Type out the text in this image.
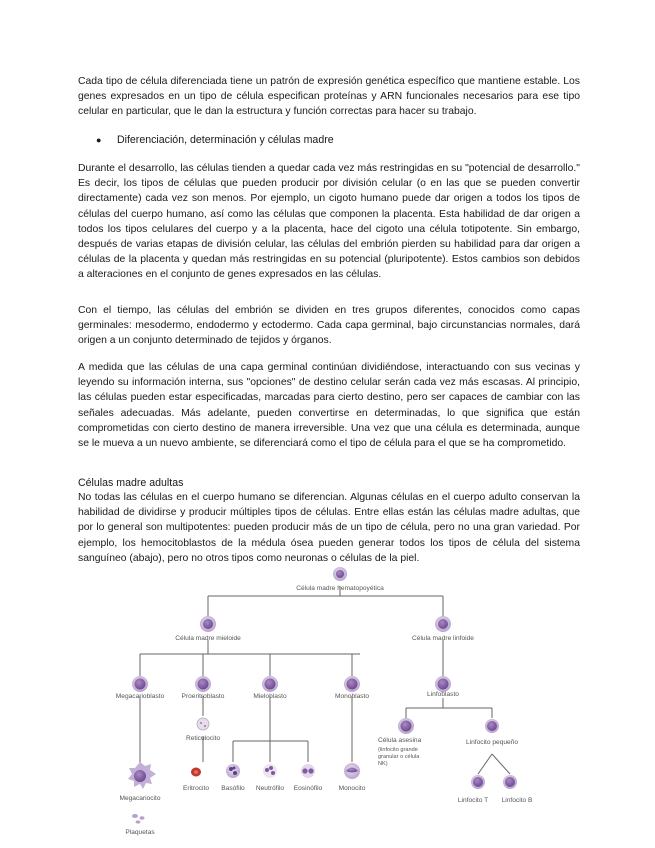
Cada tipo de célula diferenciada tiene un patrón de expresión genética específico que mantiene estable. Los genes expresados en un tipo de célula especifican proteínas y ARN funcionales necesarios para ese tipo celular en particular, que le dan la estructura y función correctas para hacer su trabajo.

● Diferenciación, determinación y células madre

Durante el desarrollo, las células tienden a quedar cada vez más restringidas en su "potencial de desarrollo." Es decir, los tipos de células que pueden producir por división celular (o en las que se pueden convertir directamente) cada vez son menos. Por ejemplo, un cigoto humano puede dar origen a todos los tipos de células del cuerpo humano, así como las células que componen la placenta. Esta habilidad de dar origen a todos los tipos celulares del cuerpo y a la placenta, hace del cigoto una célula totipotente. Sin embargo, después de varias etapas de división celular, las células del embrión pierden su habilidad para dar origen a células de la placenta y quedan más restringidas en su potencial (pluripotente). Estos cambios son debidos a alteraciones en el conjunto de genes expresados en las células.

Con el tiempo, las células del embrión se dividen en tres grupos diferentes, conocidos como capas germinales: mesodermo, endodermo y ectodermo. Cada capa germinal, bajo circunstancias normales, dará origen a un conjunto determinado de tejidos y órganos.

A medida que las células de una capa germinal continúan dividiéndose, interactuando con sus vecinas y leyendo su información interna, sus "opciones" de destino celular serán cada vez más escasas. Al principio, las células pueden estar especificadas, marcadas para cierto destino, pero ser capaces de cambiar con las señales adecuadas. Más adelante, pueden convertirse en determinadas, lo que significa que están comprometidas con cierto destino de manera irreversible. Una vez que una célula es determinada, aunque se le mueva a un nuevo ambiente, se diferenciará como el tipo de célula para el que se ha comprometido.

Células madre adultas

No todas las células en el cuerpo humano se diferencian. Algunas células en el cuerpo adulto conservan la habilidad de dividirse y producir múltiples tipos de células. Entre ellas están las células madre adultas, que por lo general son multipotentes: pueden producir más de un tipo de célula, pero no una gran variedad. Por ejemplo, los hemocitoblastos de la médula ósea pueden generar todos los tipos de célula del sistema sanguíneo (abajo), pero no otros tipos como neuronas o células de la piel.

Célula madre hematopoyética
Célula madre mieloide	Célula madre linfoide
Megacarioblasto	Proeritroblasto	Mieloblasto	Monoblasto	Linfoblasto
Reticulocito
Megacariocito
Plaquetas
Eritrocito Basófilo Neutrófilo Eosinófilo Monocito
Célula asesina
(linfocito grande
granular o célula
NK)
Linfocito pequeño
Linfocito T Linfocito B
